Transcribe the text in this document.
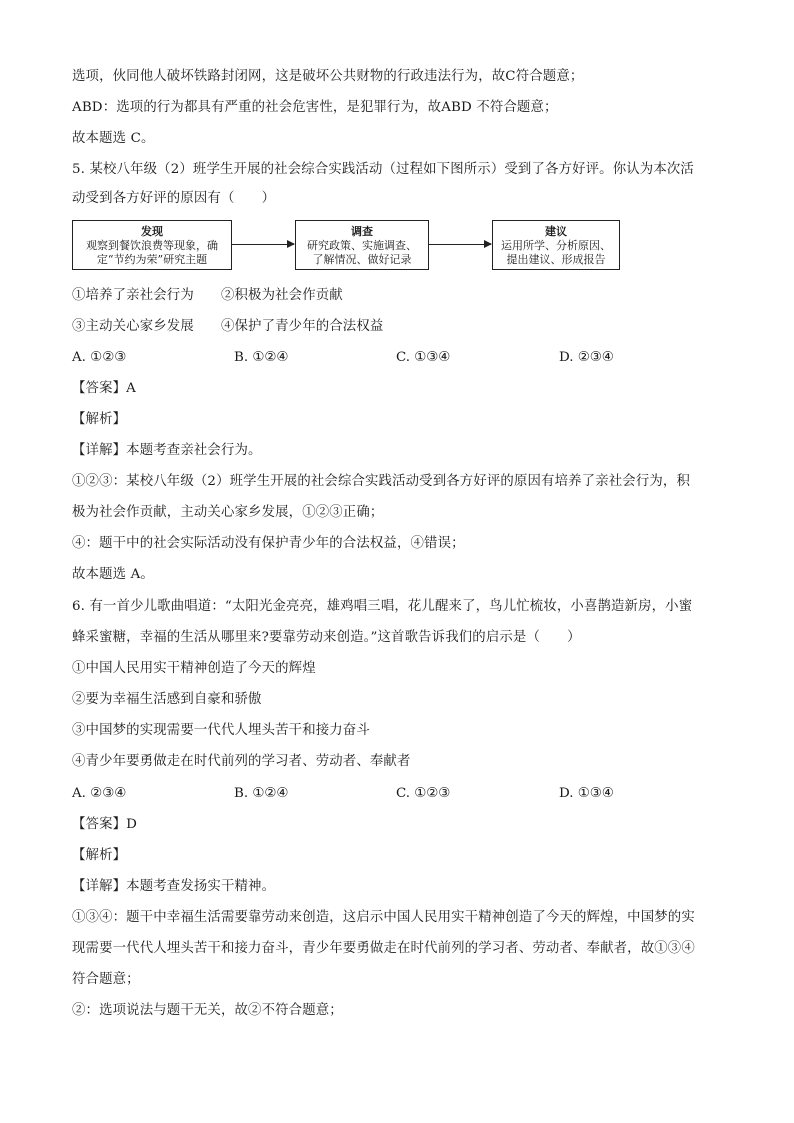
选项，伙同他人破坏铁路封闭网，这是破坏公共财物的行政违法行为，故C符合题意；
ABD：选项的行为都具有严重的社会危害性，是犯罪行为，故ABD 不符合题意；
故本题选 C。
5. 某校八年级（2）班学生开展的社会综合实践活动（过程如下图所示）受到了各方好评。你认为本次活
动受到各方好评的原因有（　　）
发现
观察到餐饮浪费等现象，确
定“节约为荣”研究主题
调查
研究政策、实施调查、
了解情况、做好记录
建议
运用所学、分析原因、
提出建议、形成报告
①培养了亲社会行为　　②积极为社会作贡献
③主动关心家乡发展　　④保护了青少年的合法权益
A. ①②③	B. ①②④	C. ①③④	D. ②③④
【答案】A
【解析】
【详解】本题考查亲社会行为。
①②③：某校八年级（2）班学生开展的社会综合实践活动受到各方好评的原因有培养了亲社会行为，积
极为社会作贡献，主动关心家乡发展，①②③正确；
④：题干中的社会实际活动没有保护青少年的合法权益，④错误；
故本题选 A。
6. 有一首少儿歌曲唱道：“太阳光金亮亮，雄鸡唱三唱，花儿醒来了，鸟儿忙梳妆，小喜鹊造新房，小蜜
蜂采蜜糖，幸福的生活从哪里来?要靠劳动来创造。”这首歌告诉我们的启示是（　　）
①中国人民用实干精神创造了今天的辉煌
②要为幸福生活感到自豪和骄傲
③中国梦的实现需要一代代人埋头苦干和接力奋斗
④青少年要勇做走在时代前列的学习者、劳动者、奉献者
A. ②③④	B. ①②④	C. ①②③	D. ①③④
【答案】D
【解析】
【详解】本题考查发扬实干精神。
①③④：题干中幸福生活需要靠劳动来创造，这启示中国人民用实干精神创造了今天的辉煌，中国梦的实
现需要一代代人埋头苦干和接力奋斗，青少年要勇做走在时代前列的学习者、劳动者、奉献者，故①③④
符合题意；
②：选项说法与题干无关，故②不符合题意；
